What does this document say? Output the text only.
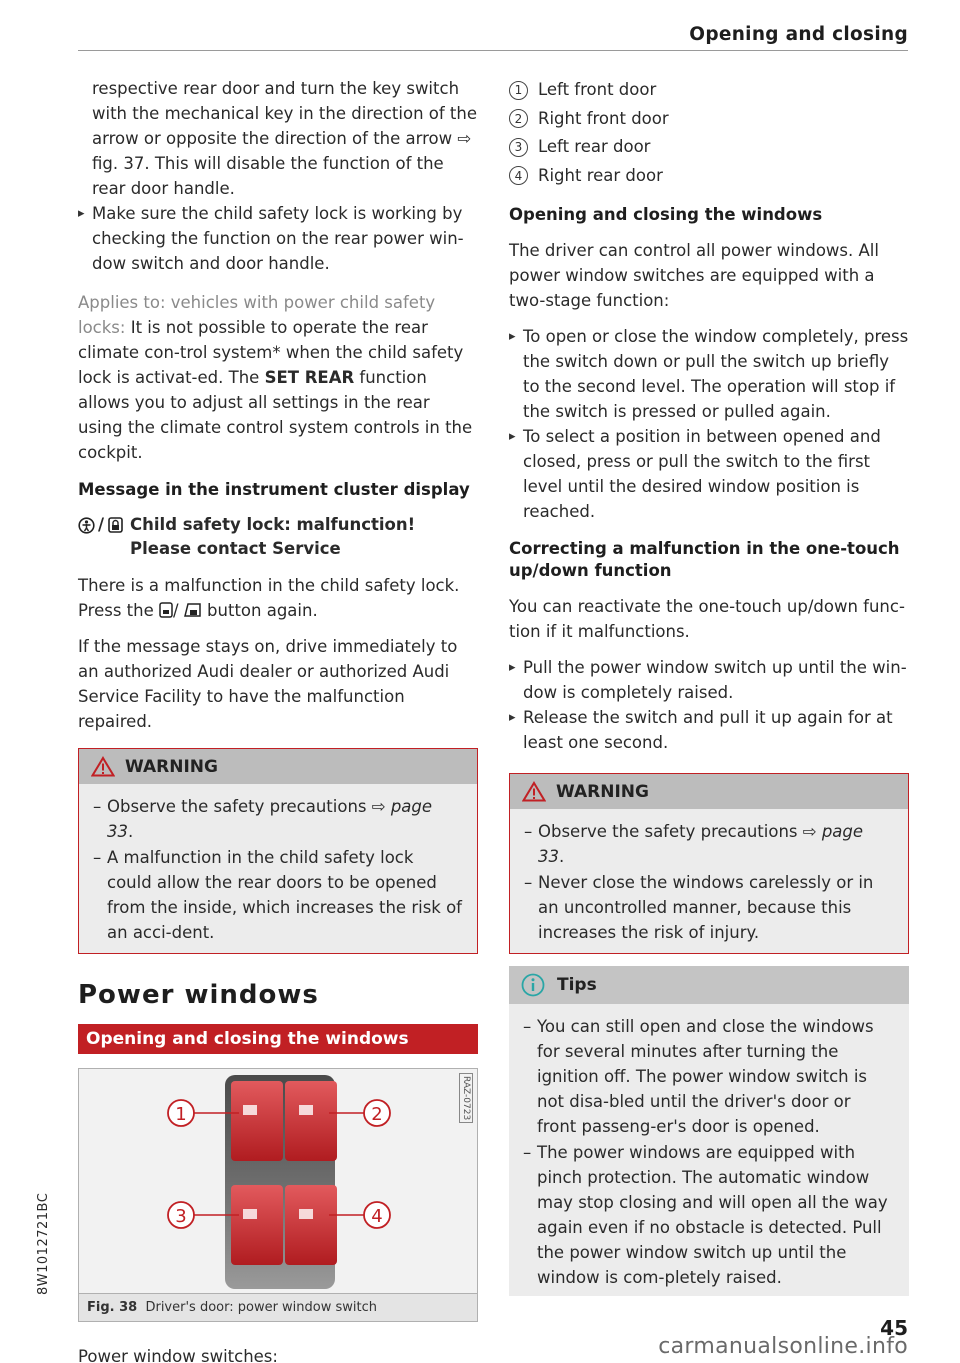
Opening and closing

respective rear door and turn the key switch with the mechanical key in the direction of the arrow or opposite the direction of the arrow ⇨ fig. 37. This will disable the function of the rear door handle.

▸ Make sure the child safety lock is working by checking the function on the rear power win-dow switch and door handle.

Applies to: vehicles with power child safety locks: It is not possible to operate the rear climate con-trol system* when the child safety lock is activat-ed. The SET REAR function allows you to adjust all settings in the rear using the climate control system controls in the cockpit.

Message in the instrument cluster display
/ Child safety lock: malfunction! Please contact Service

There is a malfunction in the child safety lock. Press the /  button again.

If the message stays on, drive immediately to an authorized Audi dealer or authorized Audi Service Facility to have the malfunction repaired.

WARNING
– Observe the safety precautions ⇨ page 33.
– A malfunction in the child safety lock could allow the rear doors to be opened from the inside, which increases the risk of an acci-dent.
Power windows
Opening and closing the windows
1	2
3	4
RAZ-0723
Fig. 38 Driver's door: power window switch

Power window switches:

1 Left front door
2 Right front door
3 Left rear door
4 Right rear door
Opening and closing the windows

The driver can control all power windows. All power window switches are equipped with a two-stage function:

▸ To open or close the window completely, press the switch down or pull the switch up briefly to the second level. The operation will stop if the switch is pressed or pulled again.

▸ To select a position in between opened and closed, press or pull the switch to the first level until the desired window position is reached.

Correcting a malfunction in the one-touch up/down function

You can reactivate the one-touch up/down func-tion if it malfunctions.

▸ Pull the power window switch up until the win-dow is completely raised.

▸ Release the switch and pull it up again for at least one second.

WARNING
– Observe the safety precautions ⇨ page 33.
– Never close the windows carelessly or in an uncontrolled manner, because this increases the risk of injury.
Tips
– You can still open and close the windows for several minutes after turning the ignition off. The power window switch is not disa-bled until the driver's door or front passeng-er's door is opened.
– The power windows are equipped with pinch protection. The automatic window may stop closing and will open all the way again even if no obstacle is detected. Pull the power window switch up until the window is com-pletely raised.
8W1012721BC
45
carmanualsonline.info
